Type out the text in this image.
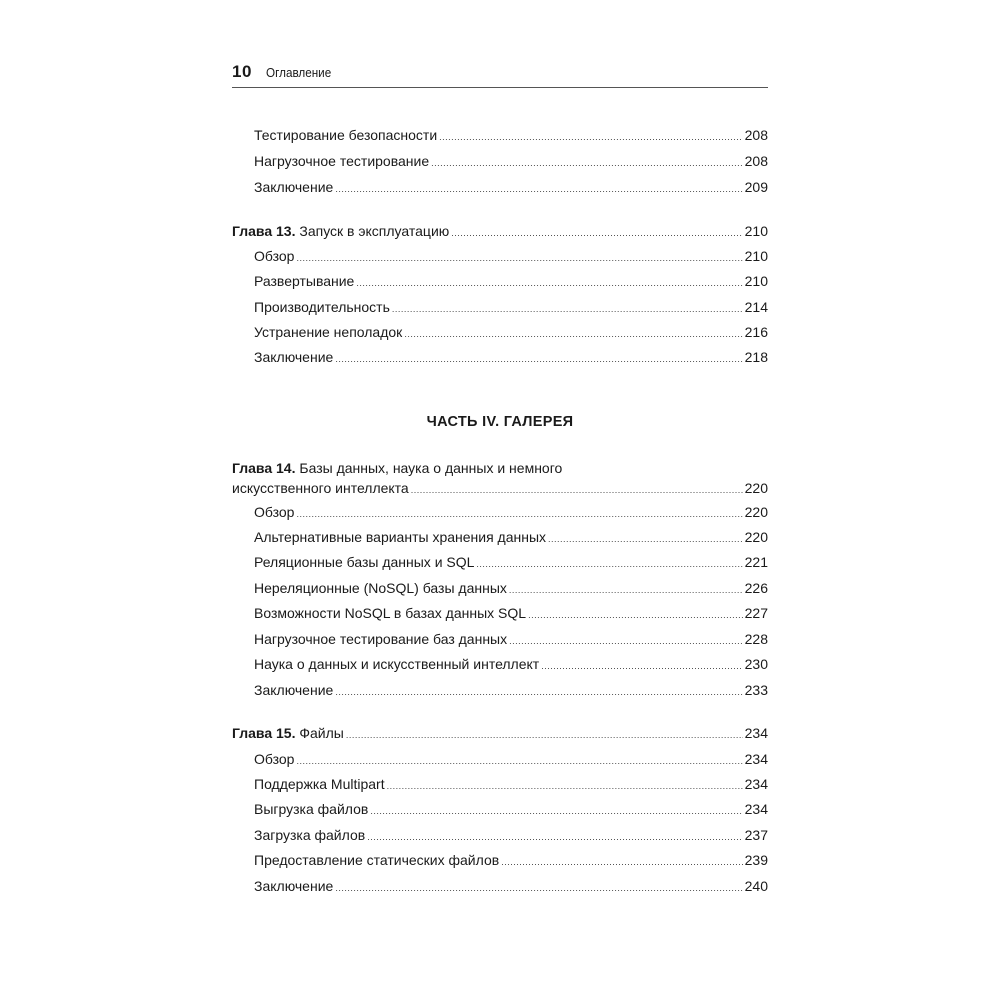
10 Оглавление
Тестирование безопасности .....	208
Нагрузочное тестирование .....	208
Заключение .....	209
Глава 13. Запуск в эксплуатацию .....	210
Обзор .....	210
Развертывание .....	210
Производительность .....	214
Устранение неполадок .....	216
Заключение .....	218
ЧАСТЬ IV. ГАЛЕРЕЯ
Глава 14. Базы данных, наука о данных и немного
искусственного интеллекта .....	220
Обзор .....	220
Альтернативные варианты хранения данных .....	220
Реляционные базы данных и SQL .....	221
Нереляционные (NoSQL) базы данных .....	226
Возможности NoSQL в базах данных SQL .....	227
Нагрузочное тестирование баз данных .....	228
Наука о данных и искусственный интеллект .....	230
Заключение .....	233
Глава 15. Файлы .....	234
Обзор .....	234
Поддержка Multipart .....	234
Выгрузка файлов .....	234
Загрузка файлов .....	237
Предоставление статических файлов .....	239
Заключение .....	240
